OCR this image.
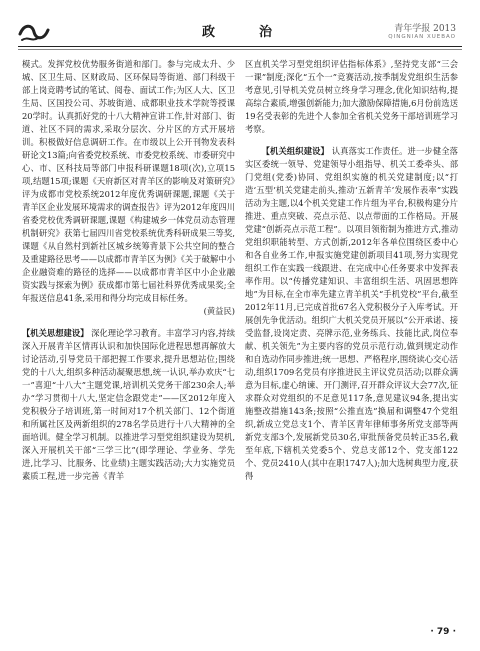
政　　治	青年学报 2013
QINGNIAN XUEBAO

模式。发挥党校优势服务街道和部门。参与完成太升、少城、区卫生局、区财政局、区环保局等街道、部门科级干部上岗竞聘考试的笔试、阅卷、面试工作;为区人大、区卫生局、区国投公司、苏坡街道、成都职业技术学院等授课20学时。认真抓好党的十八大精神宣讲工作,针对部门、街道、社区不同的需求,采取分层次、分片区的方式开展培训。积极做好信息调研工作。在市级以上公开刊物发表科研论文13篇;向省委党校系统、市委党校系统、市委研究中心、市、区科技局等部门申报科研课题18项(次),立项15项,结题15项;课题《天府新区对青羊区的影响及对策研究》评为成都市党校系统2012年度优秀调研课题,课题《关于青羊区企业发展环境需求的调查报告》评为2012年度四川省委党校优秀调研课题,课题《构建城乡一体党员动态管理机制研究》获第七届四川省党校系统优秀科研成果三等奖,课题《从自然村到新社区城乡统筹背景下公共空间的整合及重建路径思考——以成都市青羊区为例》《关于破解中小企业融资难的路径的选择——以成都市青羊区中小企业融资实践与探索为例》获成都市第七届社科界优秀成果奖;全年报送信息41条,采用和得分均完成目标任务。

(黄益民)

【机关思想建设】 深化理论学习教育。丰富学习内容,持续深入开展青羊区情再认识和加快国际化进程思想再解放大讨论活动,引导党员干部把握工作要求,提升思想站位;围绕党的十八大,组织多种活动凝聚思想,统一认识,举办欢庆“七一”喜迎“十八大”主题党课,培训机关党务干部230余人;举办“学习贯彻十八大,坚定信念跟党走”——区2012年度入党积极分子培训班,第一时间对17个机关部门、12个街道和所属社区及两新组织的278名学员进行十八大精神的全面培训。健全学习机制。以推进学习型党组织建设为契机,深入开展机关干部“三学三比”(即学理论、学业务、学先进,比学习、比服务、比业绩)主题实践活动;大力实施党员素质工程,进一步完善《青羊

区直机关学习型党组织评估指标体系》,坚持党支部“三会一课”制度;深化“五个一”竞赛活动,按季制发党组织生活参考意见,引导机关党员树立终身学习理念,优化知识结构,提高综合素质,增强创新能力;加大激励保障措施,6月份前选送19名受表彰的先进个人参加全省机关党务干部培训班学习考察。

【机关组织建设】 认真落实工作责任。进一步健全落实区委统一领导、党建领导小组指导、机关工委牵头、部门党组(党委)协同、党组织实施的机关党建制度;以“打造‘五型’机关党建走前头,推动‘五新青羊’发展作表率”实践活动为主题,以4个机关党建工作片组为平台,积极构建分片推进、重点突破、亮点示范、以点带面的工作格局。开展党建“创新亮点示范工程”。以项目领衔制为推进方式,推动党组织职能转型、方式创新,2012年各单位围绕区委中心和各自业务工作,申报实施党建创新项目41项,努力实现党组织工作在实践一线跟进、在完成中心任务要求中发挥表率作用。以“传播党建知识、丰富组织生活、巩固思想阵地”为目标,在全市率先建立青羊机关“手机党校”平台,截至2012年11月,已完成首批67名入党积极分子入库考试。开展创先争优活动。组织广大机关党员开展以“公开承诺、接受监督,设岗定责、亮牌示范,业务练兵、技能比武,岗位奉献、机关领先”为主要内容的党员示范行动,做到规定动作和自选动作同步推进;统一思想、严格程序,围绕读心交心活动,组织1709名党员有序推进民主评议党员活动;以群众满意为目标,虚心纳谏、开门测评,召开群众评议大会77次,征求群众对党组织的不足意见117条,意见建议94条,提出实施整改措施143条;按照“公推直选”换届和调整47个党组织,新成立党总支1个、青羊区青年律师事务所党支部等两新党支部3个,发展新党员30名,审批预备党员转正35名,截至年底,下辖机关党委5个、党总支部12个、党支部122个、党员2410人(其中在职1747人);加大选树典型力度,获得

· 79 ·
